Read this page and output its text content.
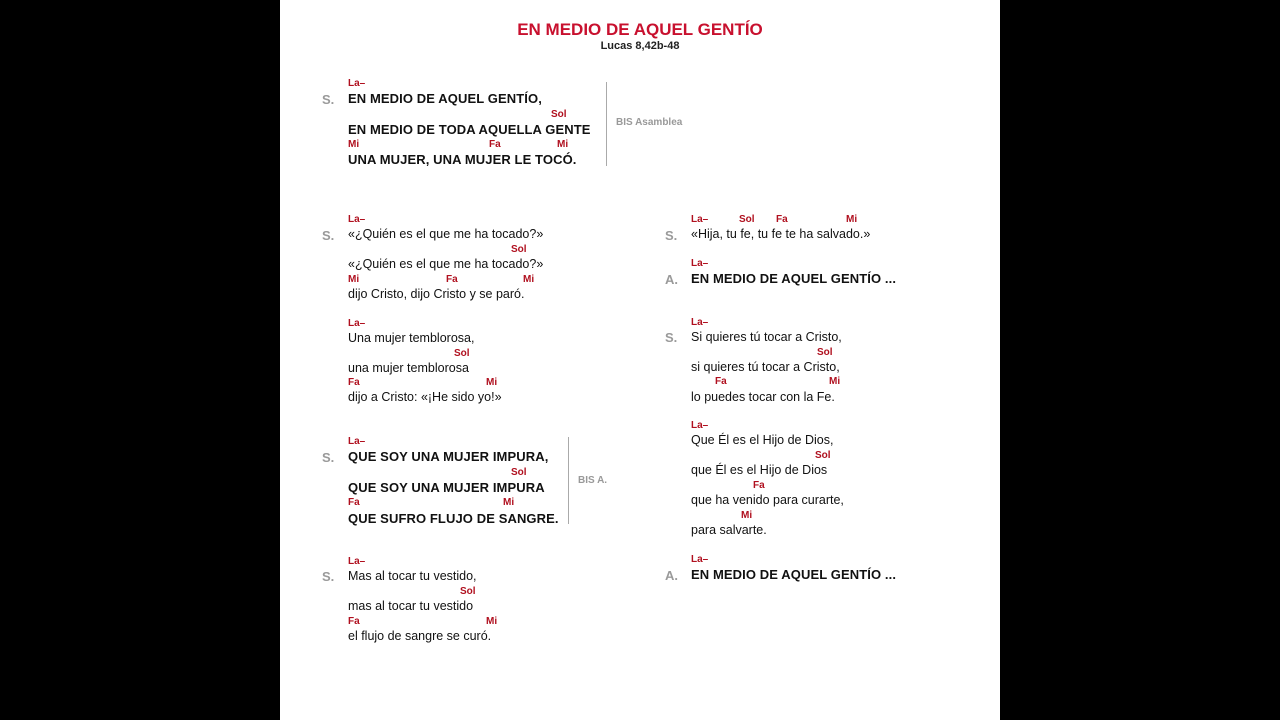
EN MEDIO DE AQUEL GENTÍO
Lucas 8,42b-48
S.
La–
EN MEDIO DE AQUEL GENTÍO,
Sol
EN MEDIO DE TODA AQUELLA GENTE
Mi	Fa	Mi
UNA MUJER, UNA MUJER LE TOCÓ.
BIS Asamblea
S.
La–
«¿Quién es el que me ha tocado?»
Sol
«¿Quién es el que me ha tocado?»
Mi	Fa	Mi
dijo Cristo, dijo Cristo y se paró.
La–
Una mujer temblorosa,
Sol
una mujer temblorosa
Fa	Mi
dijo a Cristo: «¡He sido yo!»
S.
La–
QUE SOY UNA MUJER IMPURA,
Sol
QUE SOY UNA MUJER IMPURA
Fa	Mi
QUE SUFRO FLUJO DE SANGRE.
BIS A.
S.
La–
Mas al tocar tu vestido,
Sol
mas al tocar tu vestido
Fa	Mi
el flujo de sangre se curó.
S.
La–	Sol Fa	Mi
«Hija, tu fe, tu fe te ha salvado.»
A.
La–
EN MEDIO DE AQUEL GENTÍO ...
S.
La–
Si quieres tú tocar a Cristo,
Sol
si quieres tú tocar a Cristo,
Fa	Mi
lo puedes tocar con la Fe.
La–
Que Él es el Hijo de Dios,
Sol
que Él es el Hijo de Dios
Fa
que ha venido para curarte,
Mi
para salvarte.
A.
La–
EN MEDIO DE AQUEL GENTÍO ...
